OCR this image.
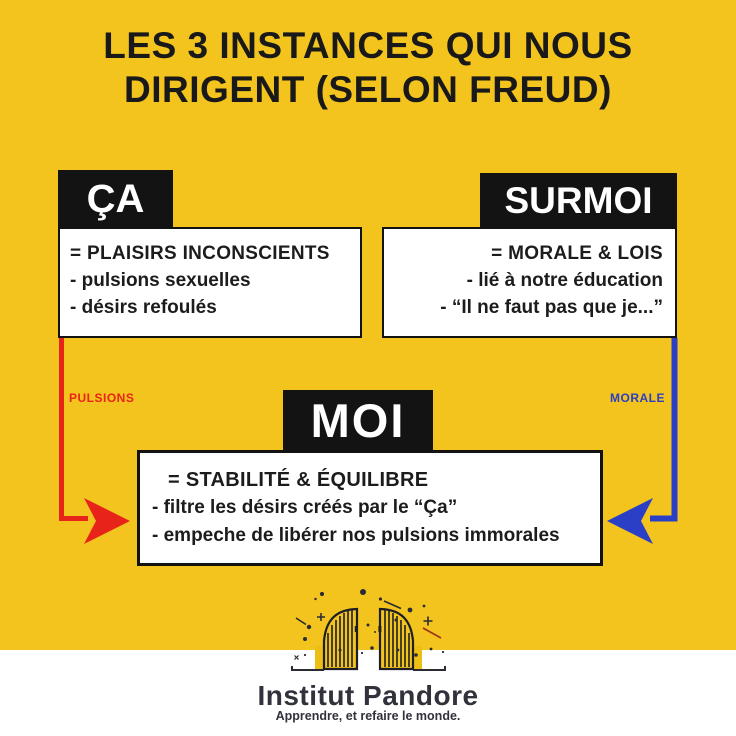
LES 3 INSTANCES QUI NOUS
DIRIGENT (SELON FREUD)
ÇA
= PLAISIRS INCONSCIENTS
- pulsions sexuelles
- désirs refoulés
SURMOI
= MORALE & LOIS
- lié à notre éducation
- “Il ne faut pas que je...”
PULSIONS	MORALE
MOI
= STABILITÉ & ÉQUILIBRE
- filtre les désirs créés par le “Ça”
- empeche de libérer nos pulsions immorales
Institut Pandore
Apprendre, et refaire le monde.
